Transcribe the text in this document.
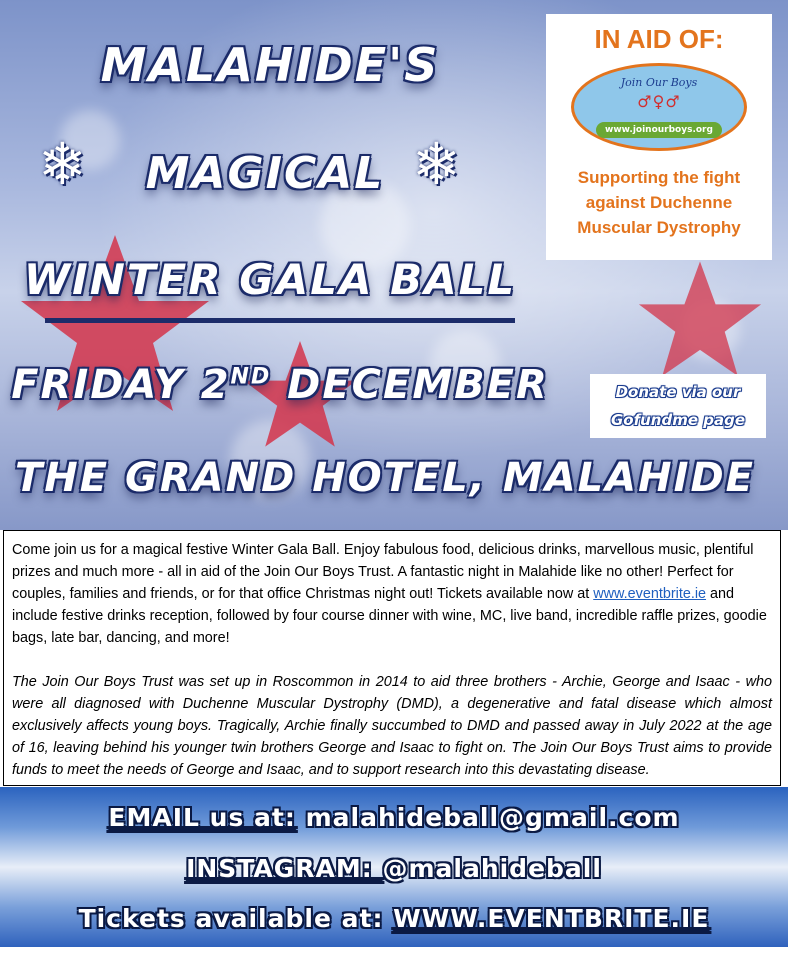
❄	❄
MALAHIDE'S
MAGICAL
WINTER GALA BALL
FRIDAY 2ND DECEMBER
THE GRAND HOTEL, MALAHIDE
IN AID OF:
Join Our Boys
♂♀♂
www.joinourboys.org
Supporting the fight
against Duchenne
Muscular Dystrophy
Donate via our
Gofundme page

Come join us for a magical festive Winter Gala Ball. Enjoy fabulous food, delicious drinks, marvellous music, plentiful prizes and much more - all in aid of the Join Our Boys Trust. A fantastic night in Malahide like no other! Perfect for couples, families and friends, or for that office Christmas night out! Tickets available now at www.eventbrite.ie and include festive drinks reception, followed by four course dinner with wine, MC, live band, incredible raffle prizes, goodie bags, late bar, dancing, and more!

The Join Our Boys Trust was set up in Roscommon in 2014 to aid three brothers - Archie, George and Isaac - who were all diagnosed with Duchenne Muscular Dystrophy (DMD), a degenerative and fatal disease which almost exclusively affects young boys. Tragically, Archie finally succumbed to DMD and passed away in July 2022 at the age of 16, leaving behind his younger twin brothers George and Isaac to fight on. The Join Our Boys Trust aims to provide funds to meet the needs of George and Isaac, and to support research into this devastating disease.

EMAIL us at: malahideball@gmail.com
INSTAGRAM: @malahideball
Tickets available at: WWW.EVENTBRITE.IE
